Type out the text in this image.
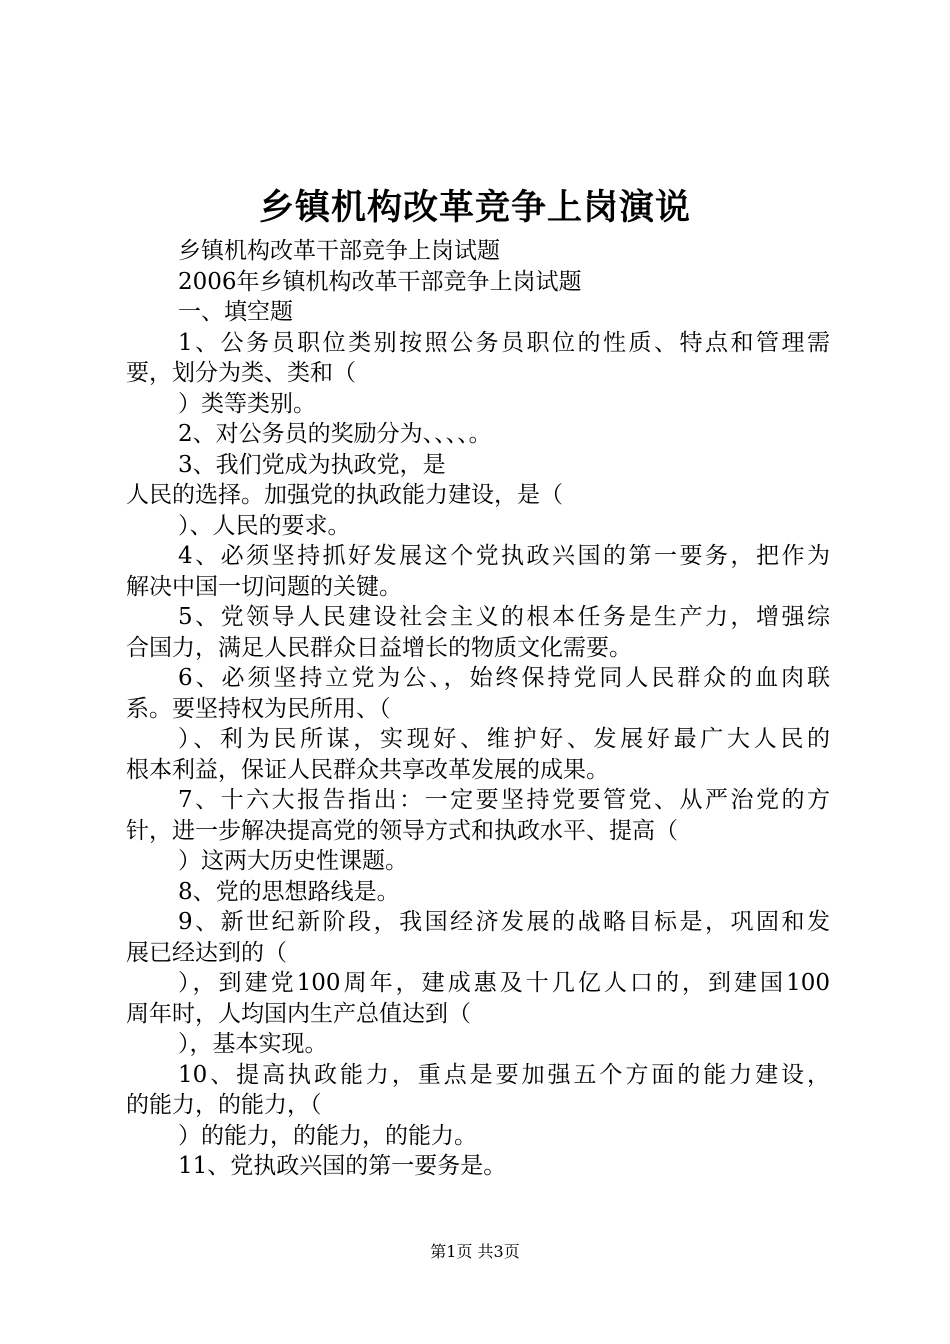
乡镇机构改革竞争上岗演说
乡镇机构改革干部竞争上岗试题
2006年乡镇机构改革干部竞争上岗试题
一、填空题
1、公务员职位类别按照公务员职位的性质、特点和管理需
要，划分为类、类和（
）类等类别。
2、对公务员的奖励分为、、、、。
3、我们党成为执政党，是
人民的选择。加强党的执政能力建设，是（
）、人民的要求。
4、必须坚持抓好发展这个党执政兴国的第一要务，把作为
解决中国一切问题的关键。
5、党领导人民建设社会主义的根本任务是生产力，增强综
合国力，满足人民群众日益增长的物质文化需要。
6、必须坚持立党为公、，始终保持党同人民群众的血肉联
系。要坚持权为民所用、（
）、利为民所谋，实现好、维护好、发展好最广大人民的
根本利益，保证人民群众共享改革发展的成果。
7、十六大报告指出：一定要坚持党要管党、从严治党的方
针，进一步解决提高党的领导方式和执政水平、提高（
）这两大历史性课题。
8、党的思想路线是。
9、新世纪新阶段，我国经济发展的战略目标是，巩固和发
展已经达到的（
），到建党100周年，建成惠及十几亿人口的，到建国100
周年时，人均国内生产总值达到（
），基本实现。
10、提高执政能力，重点是要加强五个方面的能力建设，
的能力，的能力，（
）的能力，的能力，的能力。
11、党执政兴国的第一要务是。
第1页 共3页
